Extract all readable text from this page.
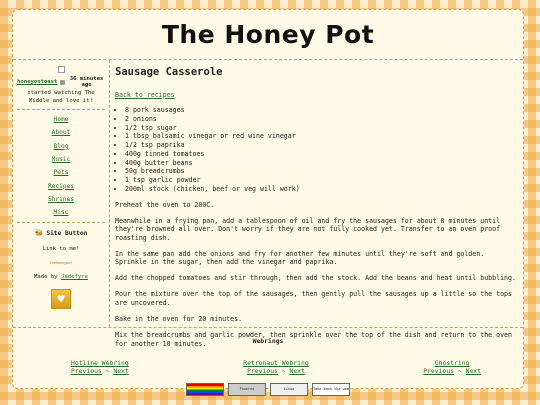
The Honey Pot
honeyontoast 36 minutes ago
started watching The Middle and love it!
Home
About
Blog
Music
Pets
Recipes
Shrines
Misc
🐝 Site Button
Link to me!
thehoneypot
Made by Jadefyre
♥
Sausage Casserole
Back to recipes
• 8 pork sausages
• 2 onions
• 1/2 tsp sugar
• 1 tbsp balsamic vinegar or red wine vinegar
• 1/2 tsp paprika
• 400g tinned tomatoes
• 400g butter beans
• 50g breadcrumbs
• 1 tsp garlic powder
• 200ml stock (chicken, beef or veg will work)

Preheat the oven to 200C.

Meanwhile in a frying pan, add a tablespoon of oil and fry the sausages for about 8 minutes until they're browned all over. Don't worry if they are not fully cooked yet. Transfer to an oven proof roasting dish.

In the same pan add the onions and fry for another few minutes until they're soft and golden. Sprinkle in the sugar, then add the vinegar and paprika.

Add the chopped tomatoes and stir through, then add the stock. Add the beans and heat until bubbling.

Pour the mixture over the top of the sausages, then gently pull the sausages up a little so the tops are uncovered.

Bake in the oven for 20 minutes.

Mix the breadcrumbs and garlic powder, then sprinkle over the top of the dish and return to the oven for another 10 minutes.	Webrings
Hotline Webring
Previous ~ Next
Retronaut Webring
Previous ~ Next
Ghostring
Previous ~ Next
Powered	Linux	Take back the web
